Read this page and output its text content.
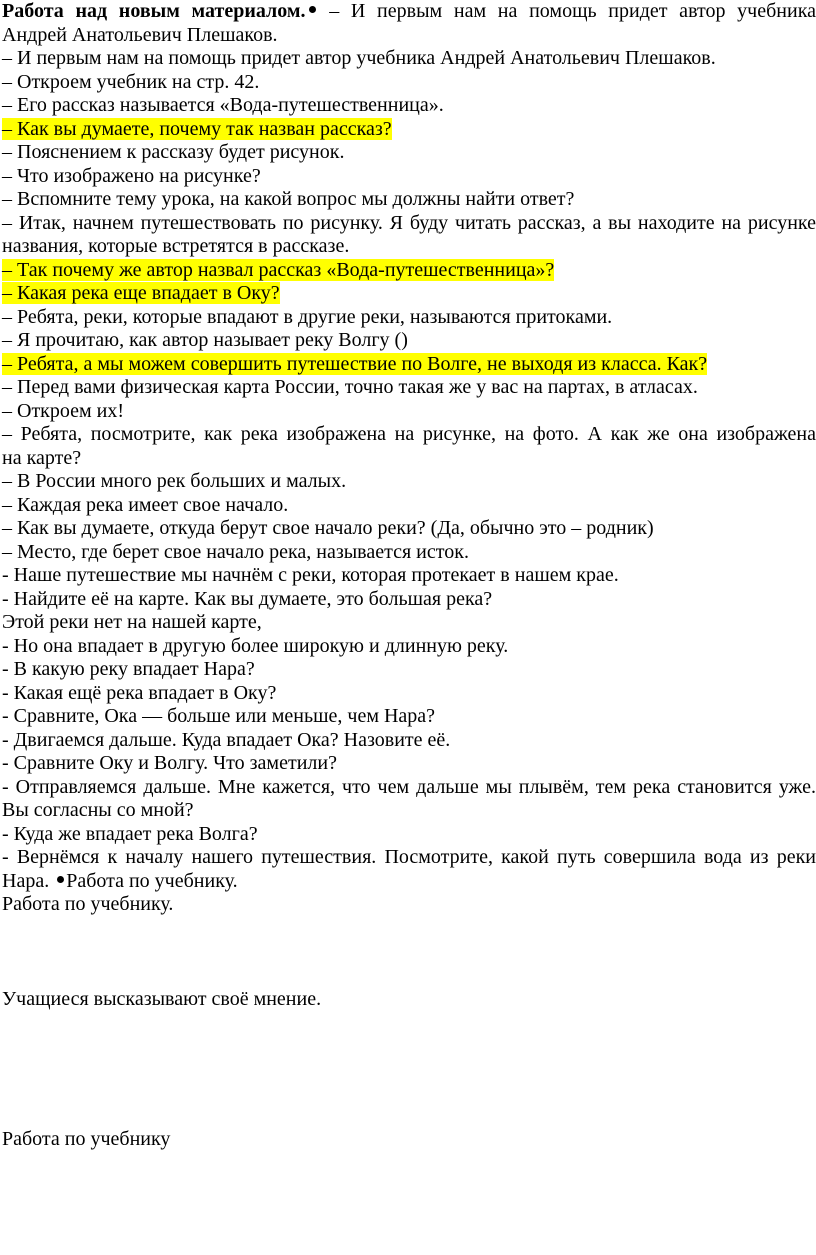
Работа над новым материалом. – И первым нам на помощь придет автор учебника
Андрей Анатольевич Плешаков.
– И первым нам на помощь придет автор учебника Андрей Анатольевич Плешаков.
– Откроем учебник на стр. 42.
– Его рассказ называется «Вода-путешественница».
– Как вы думаете, почему так назван рассказ?
– Пояснением к рассказу будет рисунок.
– Что изображено на рисунке?
– Вспомните тему урока, на какой вопрос мы должны найти ответ?
– Итак, начнем путешествовать по рисунку. Я буду читать рассказ, а вы находите на рисунке
названия, которые встретятся в рассказе.
– Так почему же автор назвал рассказ «Вода-путешественница»?
– Какая река еще впадает в Оку?
– Ребята, реки, которые впадают в другие реки, называются притоками.
– Я прочитаю, как автор называет реку Волгу ()
– Ребята, а мы можем совершить путешествие по Волге, не выходя из класса. Как?
– Перед вами физическая карта России, точно такая же у вас на партах, в атласах.
– Откроем их!
– Ребята, посмотрите, как река изображена на рисунке, на фото. А как же она изображена
на карте?
– В России много рек больших и малых.
– Каждая река имеет свое начало.
– Как вы думаете, откуда берут свое начало реки? (Да, обычно это – родник)
– Место, где берет свое начало река, называется исток.
- Наше путешествие мы начнём с реки, которая протекает в нашем крае.
- Найдите её на карте. Как вы думаете, это большая река?
Этой реки нет на нашей карте,
- Но она впадает в другую более широкую и длинную реку.
- В какую реку впадает Нара?
- Какая ещё река впадает в Оку?
- Сравните, Ока — больше или меньше, чем Нара?
- Двигаемся дальше. Куда впадает Ока? Назовите её.
- Сравните Оку и Волгу. Что заметили?
- Отправляемся дальше. Мне кажется, что чем дальше мы плывём, тем река становится уже.
Вы согласны со мной?
- Куда же впадает река Волга?
- Вернёмся к началу нашего путешествия. Посмотрите, какой путь совершила вода из реки
Нара. Работа по учебнику.
Работа по учебнику.
Учащиеся высказывают своё мнение.
Работа по учебнику
